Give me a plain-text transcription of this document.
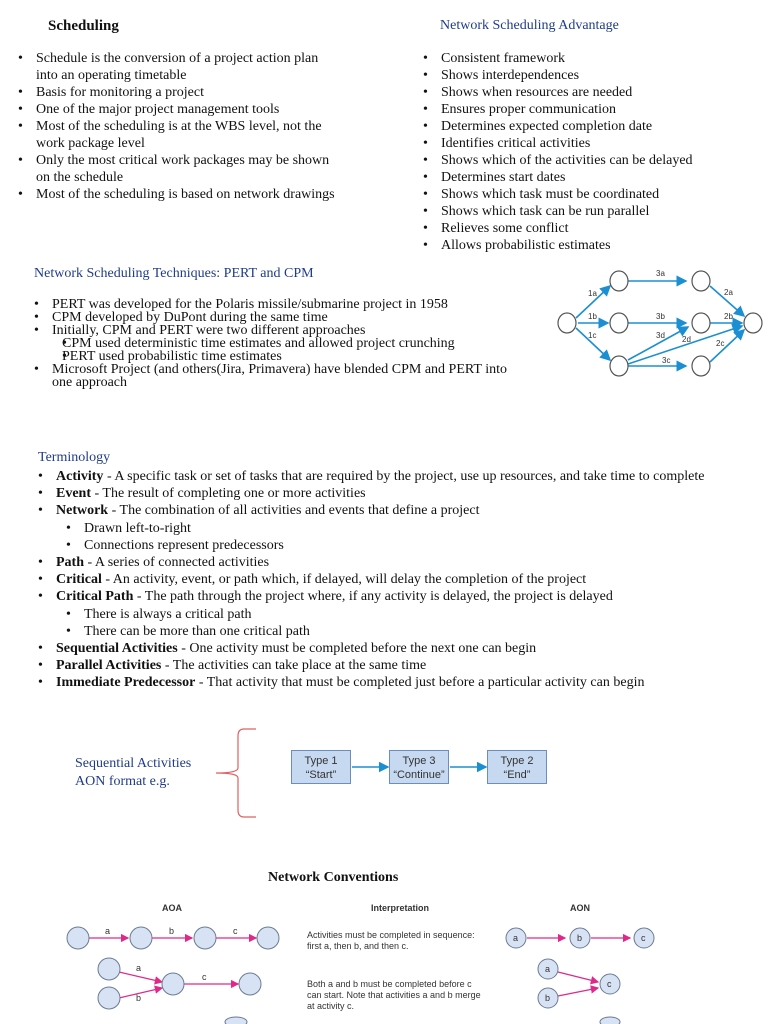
Scheduling
• Schedule is the conversion of a project action plan into an operating timetable
• Basis for monitoring a project
• One of the major project management tools
• Most of the scheduling is at the WBS level, not the work package level
• Only the most critical work packages may be shown on the schedule
• Most of the scheduling is based on network drawings
Network Scheduling Advantage
• Consistent framework
• Shows interdependences
• Shows when resources are needed
• Ensures proper communication
• Determines expected completion date
• Identifies critical activities
• Shows which of the activities can be delayed
• Determines start dates
• Shows which task must be coordinated
• Shows which task can be run parallel
• Relieves some conflict
• Allows probabilistic estimates
Network Scheduling Techniques: PERT and CPM
• PERT was developed for the Polaris missile/submarine project in 1958
• CPM developed by DuPont during the same time
• Initially, CPM and PERT were two different approaches
• CPM used deterministic time estimates and allowed project crunching
• PERT used probabilistic time estimates
• Microsoft Project (and others(Jira, Primavera) have blended CPM and PERT into one approach
1a
1b
1c
3a
3b
3d
3c
2a
2b
2d	2c
Terminology
• Activity - A specific task or set of tasks that are required by the project, use up resources, and take time to complete
• Event - The result of completing one or more activities
• Network - The combination of all activities and events that define a project
• Drawn left-to-right
• Connections represent predecessors
• Path - A series of connected activities
• Critical - An activity, event, or path which, if delayed, will delay the completion of the project
• Critical Path - The path through the project where, if any activity is delayed, the project is delayed
• There is always a critical path
• There can be more than one critical path
• Sequential Activities - One activity must be completed before the next one can begin
• Parallel Activities - The activities can take place at the same time
• Immediate Predecessor - That activity that must be completed just before a particular activity can begin
Sequential Activities
AON format e.g.
Type 1
“Start”
Type 3
“Continue”
Type 2
“End”
Network Conventions
AOA	Interpretation	AON
a	b	c
a
b
c
a	b	c
a
b
c
Activities must be completed in sequence:
first a, then b, and then c.
Both a and b must be completed before c
can start. Note that activities a and b merge
at activity c.
